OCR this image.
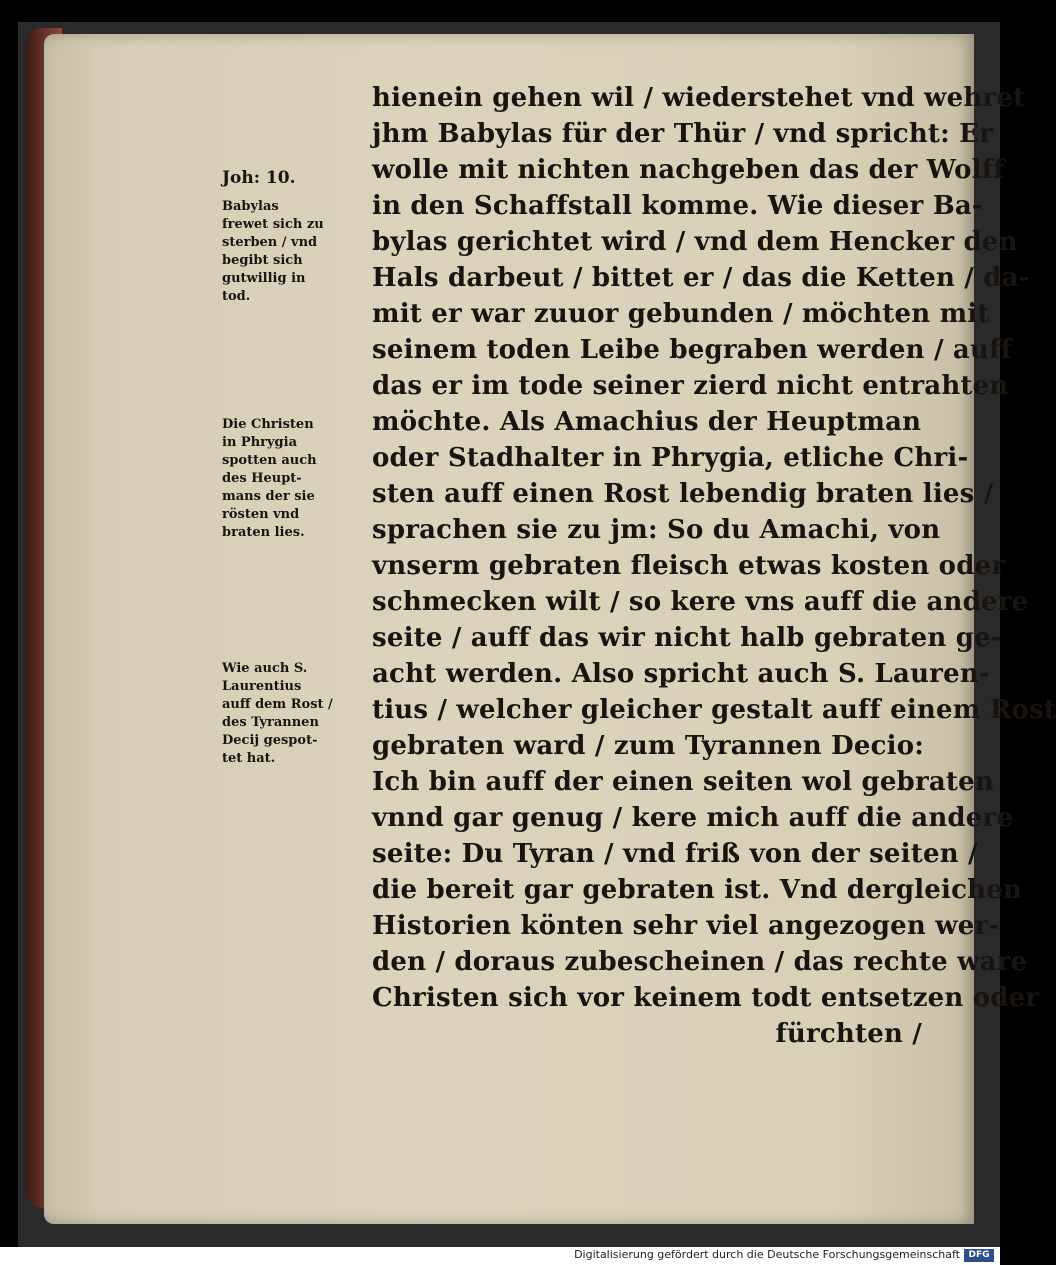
Joh: 10.
Babylas
frewet sich zu
sterben / vnd
begibt sich
gutwillig in
tod.
Die Christen
in Phrygia
spotten auch
des Heupt-
mans der sie
rösten vnd
braten lies.
Wie auch S.
Laurentius
auff dem Rost /
des Tyrannen
Decij gespot-
tet hat.
hienein gehen wil / wiederstehet vnd wehret
jhm Babylas für der Thür / vnd spricht: Er
wolle mit nichten nachgeben das der Wolff
in den Schaffstall komme. Wie dieser Ba-
bylas gerichtet wird / vnd dem Hencker den
Hals darbeut / bittet er / das die Ketten / da-
mit er war zuuor gebunden / möchten mit
seinem toden Leibe begraben werden / auff
das er im tode seiner zierd nicht entrahten
möchte. Als Amachius der Heuptman
oder Stadhalter in Phrygia, etliche Chri-
sten auff einen Rost lebendig braten lies /
sprachen sie zu jm: So du Amachi, von
vnserm gebraten fleisch etwas kosten oder
schmecken wilt / so kere vns auff die andere
seite / auff das wir nicht halb gebraten ge-
acht werden. Also spricht auch S. Lauren-
tius / welcher gleicher gestalt auff einem Rost
gebraten ward / zum Tyrannen Decio:
Ich bin auff der einen seiten wol gebraten
vnnd gar genug / kere mich auff die andere
seite: Du Tyran / vnd friß von der seiten /
die bereit gar gebraten ist. Vnd dergleichen
Historien könten sehr viel angezogen wer-
den / doraus zubescheinen / das rechte ware
Christen sich vor keinem todt entsetzen oder
fürchten /
Digitalisierung gefördert durch die Deutsche Forschungsgemeinschaft DFG
